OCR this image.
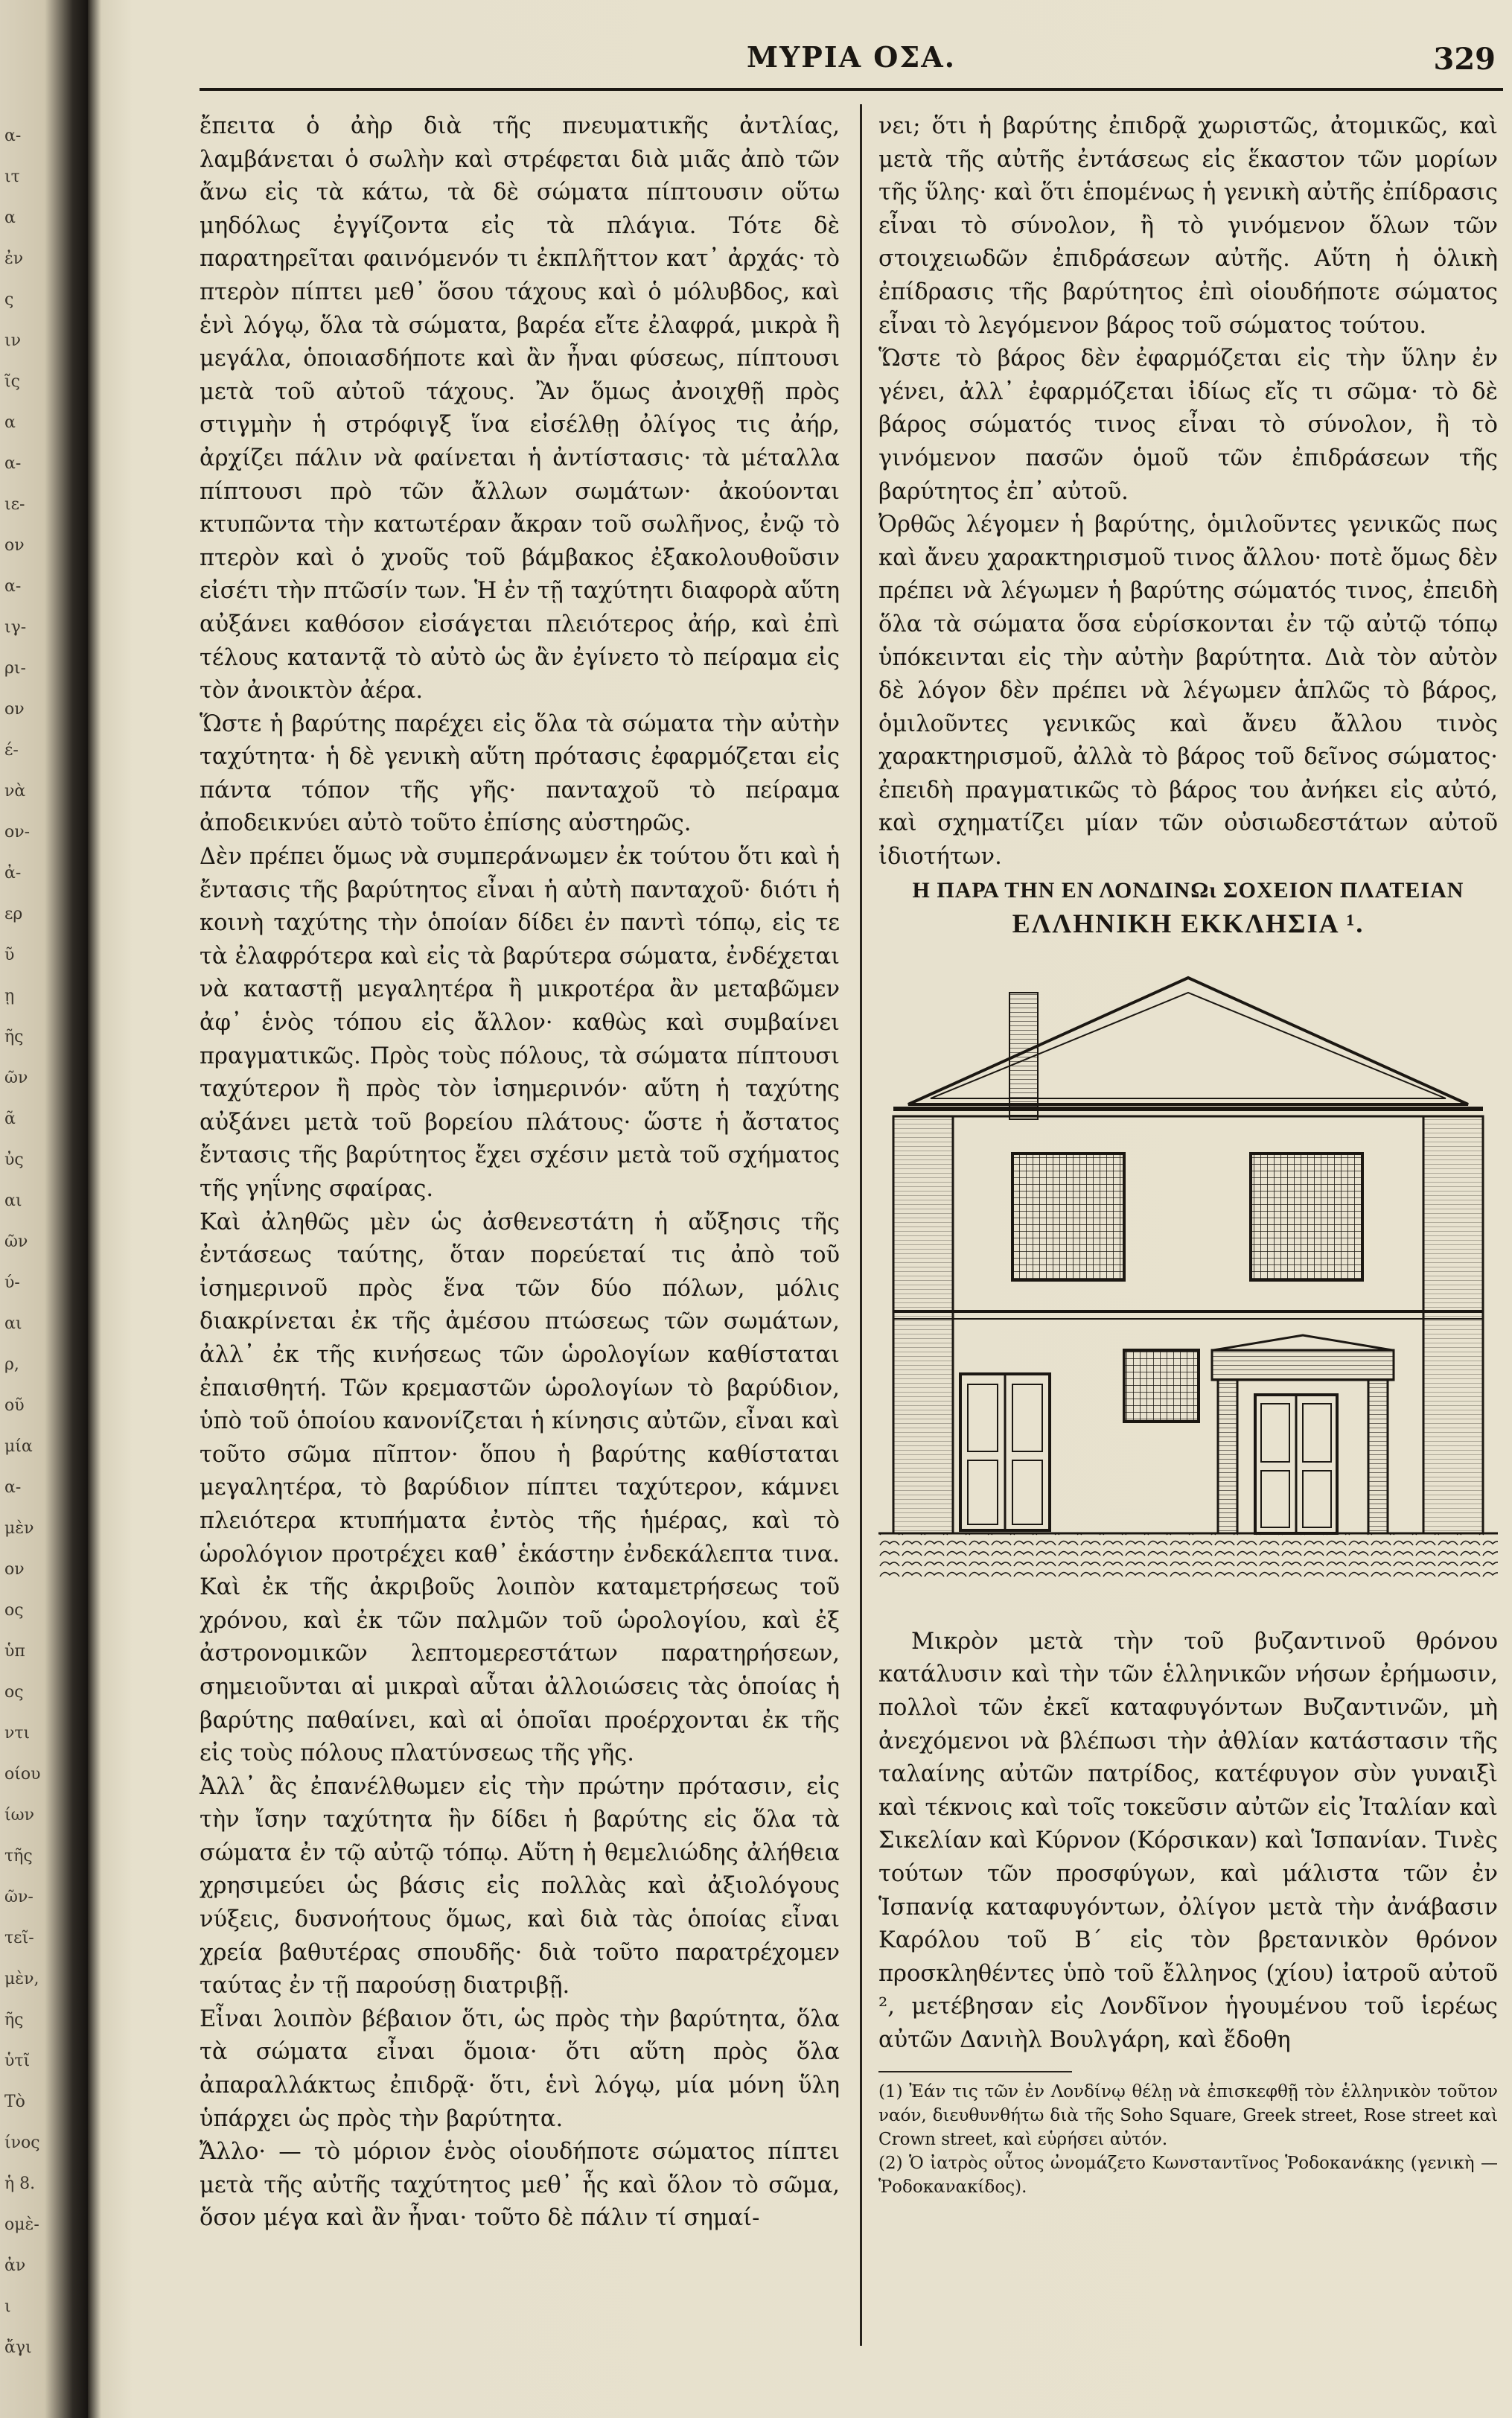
α-
ιτ
α
ἐν
ς
ιν
ῖς
α
α-
ιε-
ον
α-
ιγ-
ρι-
ον
έ-
νὰ
ον-
ἀ-
ερ
ῦ
ῃ
ῆς
ῶν
ᾶ
ὐς
αι
ῶν
ύ-
αι
ρ,
οῦ
μία
α-
μὲν
ον
ος
ὑπ
ος
ντι
οίου
ίων
τῆς
ῶν-
τεῖ-
μὲν,
ῆς
ὑτῖ
Τὸ
ίνος
ἡ 8.
ομὲ-
ἀν
ι
ἄγι
ΜΥΡΙΑ ΟΣΑ.	329

ἔπειτα ὁ ἀὴρ διὰ τῆς πνευματικῆς ἀντλίας, λαμβάνεται ὁ σωλὴν καὶ στρέφεται διὰ μιᾶς ἀπὸ τῶν ἄνω εἰς τὰ κάτω, τὰ δὲ σώματα πίπτουσιν οὕτω μηδόλως ἐγγίζοντα εἰς τὰ πλάγια. Τότε δὲ παρατηρεῖται φαινόμενόν τι ἐκπλῆττον κατ᾽ ἀρχάς· τὸ πτερὸν πίπτει μεθ᾽ ὅσου τάχους καὶ ὁ μόλυβδος, καὶ ἑνὶ λόγῳ, ὅλα τὰ σώματα, βαρέα εἴτε ἐλαφρά, μικρὰ ἢ μεγάλα, ὁποιασδήποτε καὶ ἂν ἦναι φύσεως, πίπτουσι μετὰ τοῦ αὐτοῦ τάχους. Ἂν ὅμως ἀνοιχθῇ πρὸς στιγμὴν ἡ στρόφιγξ ἵνα εἰσέλθῃ ὀλίγος τις ἀήρ, ἀρχίζει πάλιν νὰ φαίνεται ἡ ἀντίστασις· τὰ μέταλλα πίπτουσι πρὸ τῶν ἄλλων σωμάτων· ἀκούονται κτυπῶντα τὴν κατωτέραν ἄκραν τοῦ σωλῆνος, ἐνῷ τὸ πτερὸν καὶ ὁ χνοῦς τοῦ βάμβακος ἐξακολουθοῦσιν εἰσέτι τὴν πτῶσίν των. Ἡ ἐν τῇ ταχύτητι διαφορὰ αὕτη αὐξάνει καθόσον εἰσάγεται πλειότερος ἀήρ, καὶ ἐπὶ τέλους καταντᾷ τὸ αὐτὸ ὡς ἂν ἐγίνετο τὸ πείραμα εἰς τὸν ἀνοικτὸν ἀέρα.

Ὥστε ἡ βαρύτης παρέχει εἰς ὅλα τὰ σώματα τὴν αὐτὴν ταχύτητα· ἡ δὲ γενικὴ αὕτη πρότασις ἐφαρμόζεται εἰς πάντα τόπον τῆς γῆς· πανταχοῦ τὸ πείραμα ἀποδεικνύει αὐτὸ τοῦτο ἐπίσης αὐστηρῶς.

Δὲν πρέπει ὅμως νὰ συμπεράνωμεν ἐκ τούτου ὅτι καὶ ἡ ἔντασις τῆς βαρύτητος εἶναι ἡ αὐτὴ πανταχοῦ· διότι ἡ κοινὴ ταχύτης τὴν ὁποίαν δίδει ἐν παντὶ τόπῳ, εἰς τε τὰ ἐλαφρότερα καὶ εἰς τὰ βαρύτερα σώματα, ἐνδέχεται νὰ καταστῇ μεγαλητέρα ἢ μικροτέρα ἂν μεταβῶμεν ἀφ᾽ ἑνὸς τόπου εἰς ἄλλον· καθὼς καὶ συμβαίνει πραγματικῶς. Πρὸς τοὺς πόλους, τὰ σώματα πίπτουσι ταχύτερον ἢ πρὸς τὸν ἰσημερινόν· αὕτη ἡ ταχύτης αὐξάνει μετὰ τοῦ βορείου πλάτους· ὥστε ἡ ἄστατος ἔντασις τῆς βαρύτητος ἔχει σχέσιν μετὰ τοῦ σχήματος τῆς γηΐνης σφαίρας.

Καὶ ἀληθῶς μὲν ὡς ἀσθενεστάτη ἡ αὔξησις τῆς ἐντάσεως ταύτης, ὅταν πορεύεταί τις ἀπὸ τοῦ ἰσημερινοῦ πρὸς ἕνα τῶν δύο πόλων, μόλις διακρίνεται ἐκ τῆς ἀμέσου πτώσεως τῶν σωμάτων, ἀλλ᾽ ἐκ τῆς κινήσεως τῶν ὡρολογίων καθίσταται ἐπαισθητή. Τῶν κρεμαστῶν ὡρολογίων τὸ βαρύδιον, ὑπὸ τοῦ ὁποίου κανονίζεται ἡ κίνησις αὐτῶν, εἶναι καὶ τοῦτο σῶμα πῖπτον· ὅπου ἡ βαρύτης καθίσταται μεγαλητέρα, τὸ βαρύδιον πίπτει ταχύτερον, κάμνει πλειότερα κτυπήματα ἐντὸς τῆς ἡμέρας, καὶ τὸ ὡρολόγιον προτρέχει καθ᾽ ἑκάστην ἐνδεκάλεπτα τινα. Καὶ ἐκ τῆς ἀκριβοῦς λοιπὸν καταμετρήσεως τοῦ χρόνου, καὶ ἐκ τῶν παλμῶν τοῦ ὡρολογίου, καὶ ἐξ ἀστρονομικῶν λεπτομερεστάτων παρατηρήσεων, σημειοῦνται αἱ μικραὶ αὗται ἀλλοιώσεις τὰς ὁποίας ἡ βαρύτης παθαίνει, καὶ αἱ ὁποῖαι προέρχονται ἐκ τῆς εἰς τοὺς πόλους πλατύνσεως τῆς γῆς.

Ἀλλ᾽ ἂς ἐπανέλθωμεν εἰς τὴν πρώτην πρότασιν, εἰς τὴν ἴσην ταχύτητα ἣν δίδει ἡ βαρύτης εἰς ὅλα τὰ σώματα ἐν τῷ αὐτῷ τόπῳ. Αὕτη ἡ θεμελιώδης ἀλήθεια χρησιμεύει ὡς βάσις εἰς πολλὰς καὶ ἀξιολόγους νύξεις, δυσνοήτους ὅμως, καὶ διὰ τὰς ὁποίας εἶναι χρεία βαθυτέρας σπουδῆς· διὰ τοῦτο παρατρέχομεν ταύτας ἐν τῇ παρούσῃ διατριβῇ.

Εἶναι λοιπὸν βέβαιον ὅτι, ὡς πρὸς τὴν βαρύτητα, ὅλα τὰ σώματα εἶναι ὅμοια· ὅτι αὕτη πρὸς ὅλα ἀπαραλλάκτως ἐπιδρᾷ· ὅτι, ἑνὶ λόγῳ, μία μόνη ὕλη ὑπάρχει ὡς πρὸς τὴν βαρύτητα.

Ἄλλο· — τὸ μόριον ἑνὸς οἱουδήποτε σώματος πίπτει μετὰ τῆς αὐτῆς ταχύτητος μεθ᾽ ἧς καὶ ὅλον τὸ σῶμα, ὅσον μέγα καὶ ἂν ἦναι· τοῦτο δὲ πάλιν τί σημαί-

νει; ὅτι ἡ βαρύτης ἐπιδρᾷ χωριστῶς, ἀτομικῶς, καὶ μετὰ τῆς αὐτῆς ἐντάσεως εἰς ἕκαστον τῶν μορίων τῆς ὕλης· καὶ ὅτι ἑπομένως ἡ γενικὴ αὐτῆς ἐπίδρασις εἶναι τὸ σύνολον, ἢ τὸ γινόμενον ὅλων τῶν στοιχειωδῶν ἐπιδράσεων αὐτῆς. Αὕτη ἡ ὁλικὴ ἐπίδρασις τῆς βαρύτητος ἐπὶ οἱουδήποτε σώματος εἶναι τὸ λεγόμενον βάρος τοῦ σώματος τούτου.

Ὥστε τὸ βάρος δὲν ἐφαρμόζεται εἰς τὴν ὕλην ἐν γένει, ἀλλ᾽ ἐφαρμόζεται ἰδίως εἴς τι σῶμα· τὸ δὲ βάρος σώματός τινος εἶναι τὸ σύνολον, ἢ τὸ γινόμενον πασῶν ὁμοῦ τῶν ἐπιδράσεων τῆς βαρύτητος ἐπ᾽ αὐτοῦ.

Ὀρθῶς λέγομεν ἡ βαρύτης, ὁμιλοῦντες γενικῶς πως καὶ ἄνευ χαρακτηρισμοῦ τινος ἄλλου· ποτὲ ὅμως δὲν πρέπει νὰ λέγωμεν ἡ βαρύτης σώματός τινος, ἐπειδὴ ὅλα τὰ σώματα ὅσα εὑρίσκονται ἐν τῷ αὐτῷ τόπῳ ὑπόκεινται εἰς τὴν αὐτὴν βαρύτητα. Διὰ τὸν αὐτὸν δὲ λόγον δὲν πρέπει νὰ λέγωμεν ἁπλῶς τὸ βάρος, ὁμιλοῦντες γενικῶς καὶ ἄνευ ἄλλου τινὸς χαρακτηρισμοῦ, ἀλλὰ τὸ βάρος τοῦ δεῖνος σώματος· ἐπειδὴ πραγματικῶς τὸ βάρος του ἀνήκει εἰς αὐτό, καὶ σχηματίζει μίαν τῶν οὐσιωδεστάτων αὐτοῦ ἰδιοτήτων.

Η ΠΑΡΑ ΤΗΝ ΕΝ ΛΟΝΔΙΝΩι ΣΟΧΕΙΟΝ ΠΛΑΤΕΙΑΝ

ΕΛΛΗΝΙΚΗ ΕΚΚΛΗΣΙΑ ¹.

Μικρὸν μετὰ τὴν τοῦ βυζαντινοῦ θρόνου κατάλυσιν καὶ τὴν τῶν ἑλληνικῶν νήσων ἐρήμωσιν, πολλοὶ τῶν ἐκεῖ καταφυγόντων Βυζαντινῶν, μὴ ἀνεχόμενοι νὰ βλέπωσι τὴν ἀθλίαν κατάστασιν τῆς ταλαίνης αὐτῶν πατρίδος, κατέφυγον σὺν γυναιξὶ καὶ τέκνοις καὶ τοῖς τοκεῦσιν αὐτῶν εἰς Ἰταλίαν καὶ Σικελίαν καὶ Κύρνον (Κόρσικαν) καὶ Ἱσπανίαν. Τινὲς τούτων τῶν προσφύγων, καὶ μάλιστα τῶν ἐν Ἱσπανίᾳ καταφυγόντων, ὀλίγον μετὰ τὴν ἀνάβασιν Καρόλου τοῦ Β´ εἰς τὸν βρετανικὸν θρόνον προσκληθέντες ὑπὸ τοῦ ἔλληνος (χίου) ἰατροῦ αὐτοῦ ², μετέβησαν εἰς Λονδῖνον ἡγουμένου τοῦ ἱερέως αὐτῶν Δανιὴλ Βουλγάρη, καὶ ἔδοθη

(1) Ἐάν τις τῶν ἐν Λονδίνῳ θέλῃ νὰ ἐπισκεφθῇ τὸν ἑλληνικὸν τοῦτον ναόν, διευθυνθήτω διὰ τῆς Soho Square, Greek street, Rose street καὶ Crown street, καὶ εὑρήσει αὐτόν.

(2) Ὁ ἰατρὸς οὗτος ὠνομάζετο Κωνσταντῖνος Ῥοδοκανάκης (γενικὴ — Ῥοδοκανακίδος).
